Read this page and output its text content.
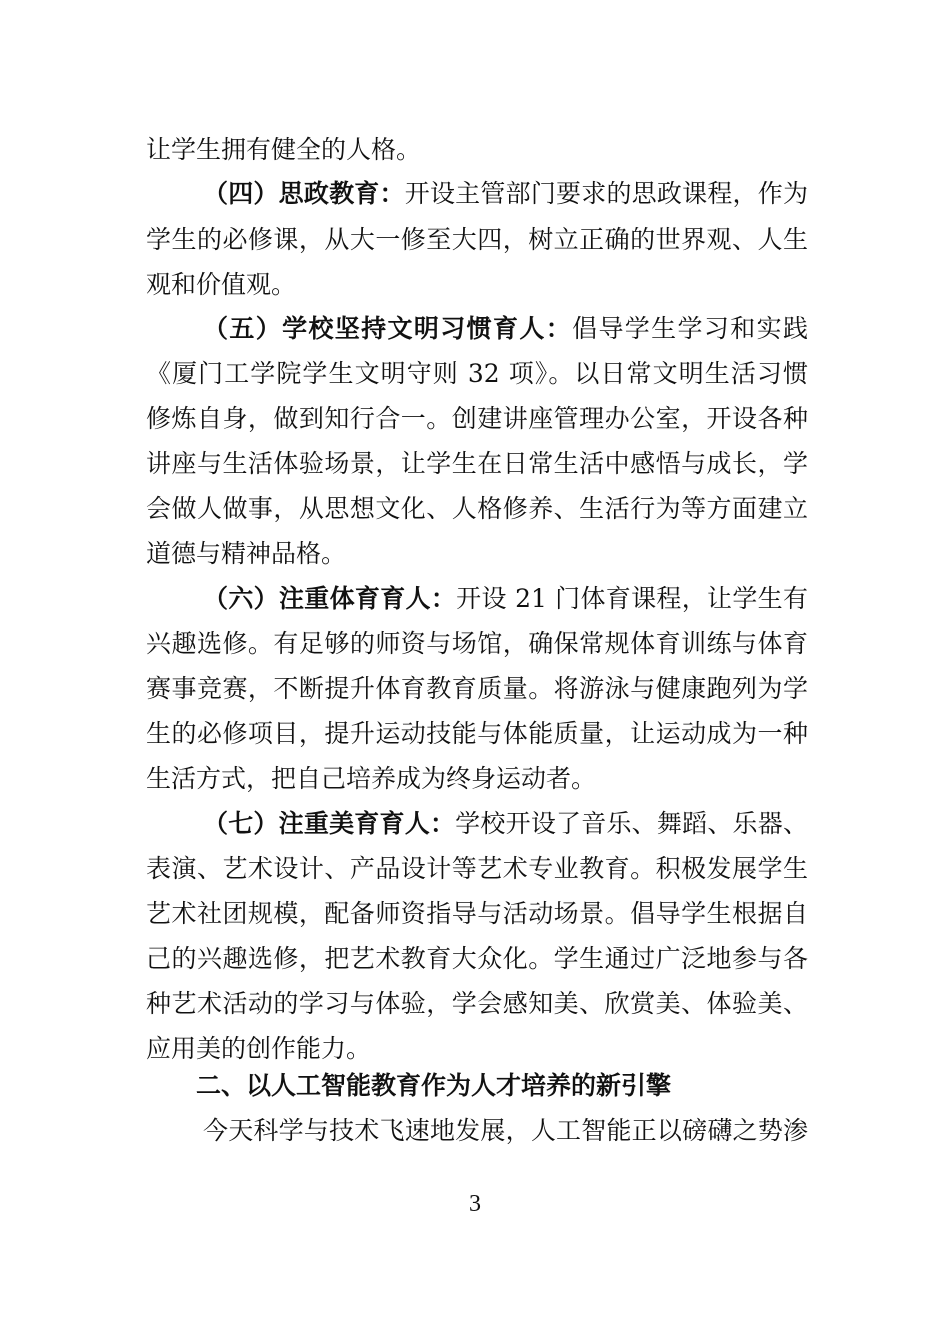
让学生拥有健全的人格。
（四）思政教育：开设主管部门要求的思政课程，作为
学生的必修课，从大一修至大四，树立正确的世界观、人生
观和价值观。
（五）学校坚持文明习惯育人：倡导学生学习和实践
《厦门工学院学生文明守则 32 项》。以日常文明生活习惯
修炼自身，做到知行合一。创建讲座管理办公室，开设各种
讲座与生活体验场景，让学生在日常生活中感悟与成长，学
会做人做事，从思想文化、人格修养、生活行为等方面建立
道德与精神品格。
（六）注重体育育人：开设 21 门体育课程，让学生有
兴趣选修。有足够的师资与场馆，确保常规体育训练与体育
赛事竞赛，不断提升体育教育质量。将游泳与健康跑列为学
生的必修项目，提升运动技能与体能质量，让运动成为一种
生活方式，把自己培养成为终身运动者。
（七）注重美育育人：学校开设了音乐、舞蹈、乐器、
表演、艺术设计、产品设计等艺术专业教育。积极发展学生
艺术社团规模，配备师资指导与活动场景。倡导学生根据自
己的兴趣选修，把艺术教育大众化。学生通过广泛地参与各
种艺术活动的学习与体验，学会感知美、欣赏美、体验美、
应用美的创作能力。
二、以人工智能教育作为人才培养的新引擎
今天科学与技术飞速地发展，人工智能正以磅礴之势渗
3
